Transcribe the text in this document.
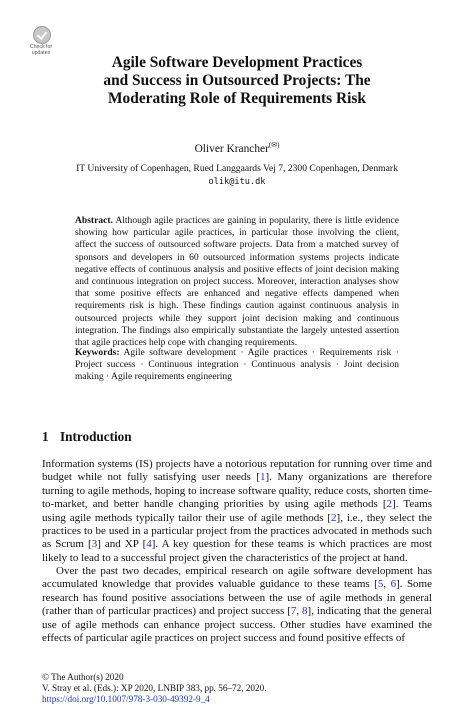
Check for
updates
Agile Software Development Practices
and Success in Outsourced Projects: The
Moderating Role of Requirements Risk
Oliver Krancher(✉)
IT University of Copenhagen, Rued Langgaards Vej 7, 2300 Copenhagen, Denmark
olik@itu.dk
Abstract. Although agile practices are gaining in popularity, there is little evidence showing how particular agile practices, in particular those involving the client, affect the success of outsourced software projects. Data from a matched survey of sponsors and developers in 60 outsourced information systems projects indicate negative effects of continuous analysis and positive effects of joint decision making and continuous integration on project success. Moreover, interaction analyses show that some positive effects are enhanced and negative effects dampened when requirements risk is high. These findings caution against continuous analysis in outsourced projects while they support joint decision making and continuous integration. The findings also empirically substantiate the largely untested assertion that agile practices help cope with changing requirements.
Keywords: Agile software development · Agile practices · Requirements risk · Project success · Continuous integration · Continuous analysis · Joint decision making · Agile requirements engineering
1 Introduction
Information systems (IS) projects have a notorious reputation for running over time and budget while not fully satisfying user needs [1]. Many organizations are therefore turning to agile methods, hoping to increase software quality, reduce costs, shorten time-to-market, and better handle changing priorities by using agile methods [2]. Teams using agile methods typically tailor their use of agile methods [2], i.e., they select the practices to be used in a particular project from the practices advocated in methods such as Scrum [3] and XP [4]. A key question for these teams is which practices are most likely to lead to a successful project given the characteristics of the project at hand.
Over the past two decades, empirical research on agile software development has accumulated knowledge that provides valuable guidance to these teams [5, 6]. Some research has found positive associations between the use of agile methods in general (rather than of particular practices) and project success [7, 8], indicating that the general use of agile methods can enhance project success. Other studies have examined the effects of particular agile practices on project success and found positive effects of
© The Author(s) 2020
V. Stray et al. (Eds.): XP 2020, LNBIP 383, pp. 56–72, 2020.
https://doi.org/10.1007/978-3-030-49392-9_4
